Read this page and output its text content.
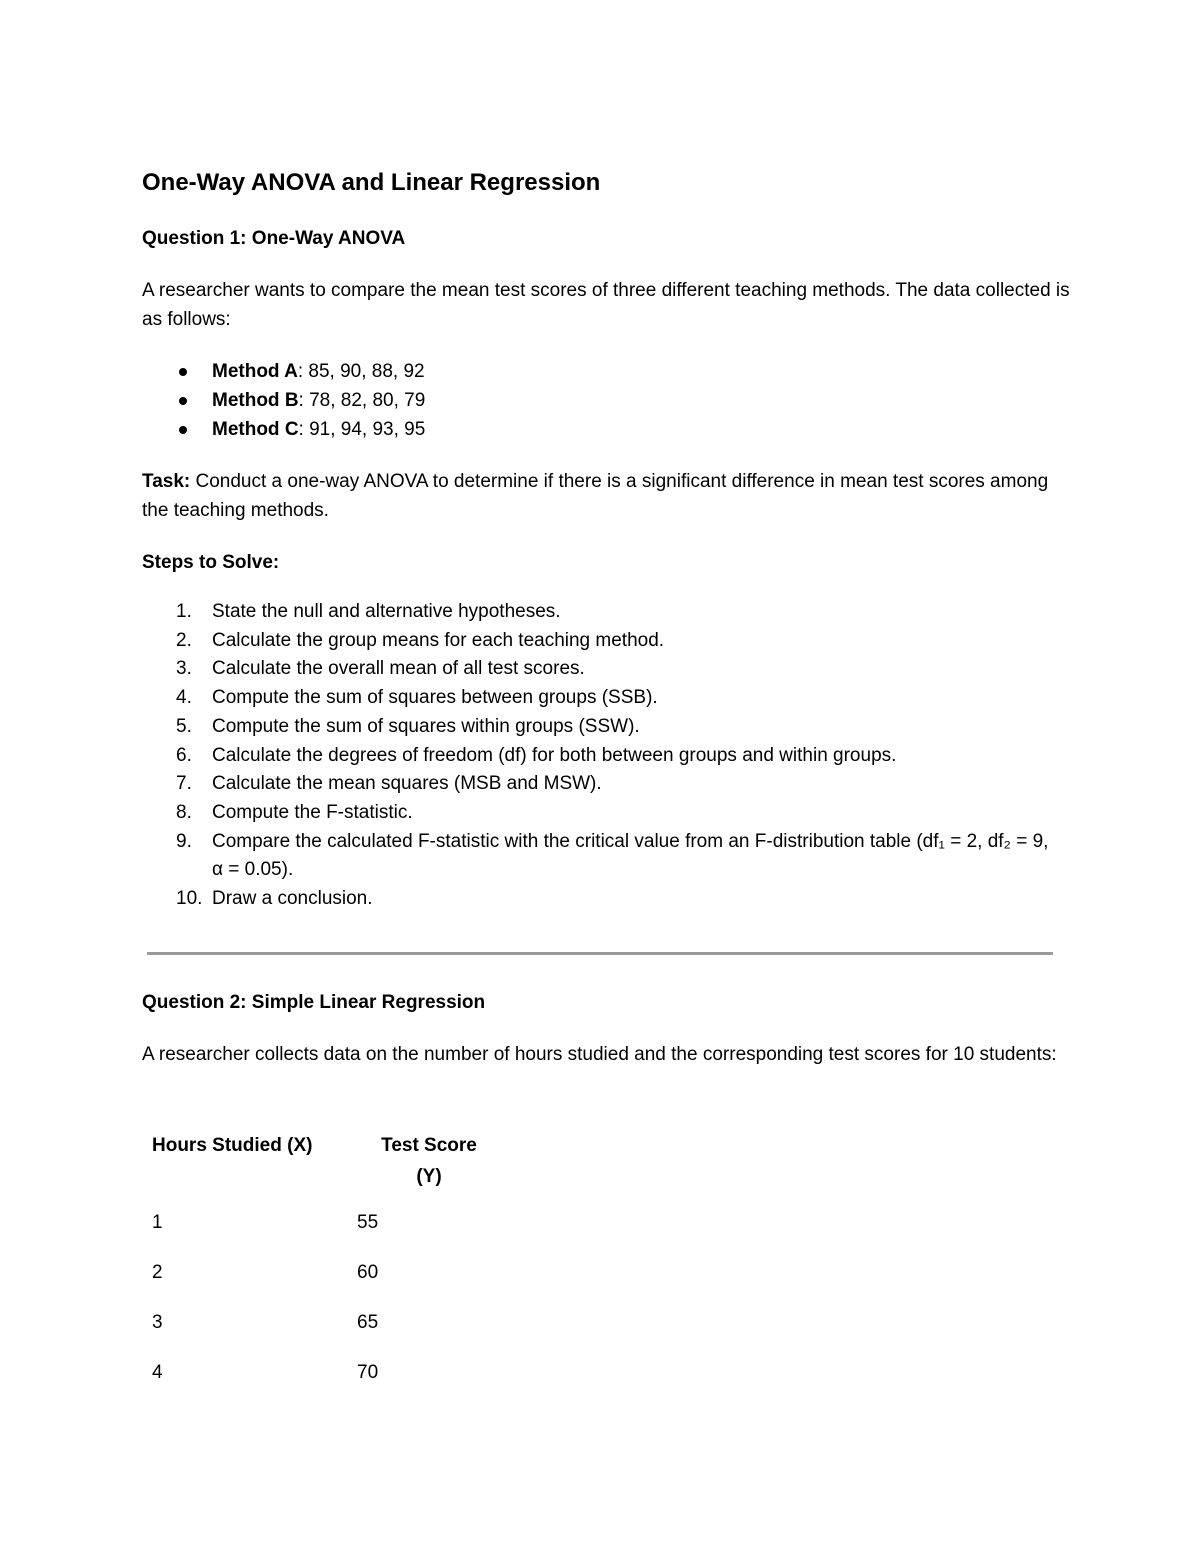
One-Way ANOVA and Linear Regression
Question 1: One-Way ANOVA

A researcher wants to compare the mean test scores of three different teaching methods. The data collected is as follows:

Method A: 85, 90, 88, 92
Method B: 78, 82, 80, 79
Method C: 91, 94, 93, 95

Task: Conduct a one-way ANOVA to determine if there is a significant difference in mean test scores among the teaching methods.

Steps to Solve:
1.	State the null and alternative hypotheses.
2.	Calculate the group means for each teaching method.
3.	Calculate the overall mean of all test scores.
4.	Compute the sum of squares between groups (SSB).
5.	Compute the sum of squares within groups (SSW).
6.	Calculate the degrees of freedom (df) for both between groups and within groups.
7.	Calculate the mean squares (MSB and MSW).
8.	Compute the F-statistic.
9.	Compare the calculated F-statistic with the critical value from an F-distribution table (df₁ = 2, df₂ = 9, α = 0.05).
10. Draw a conclusion.
Question 2: Simple Linear Regression

A researcher collects data on the number of hours studied and the corresponding test scores for 10 students:

Hours Studied (X)	Test Score
(Y)
1	55
2	60
3	65
4	70
